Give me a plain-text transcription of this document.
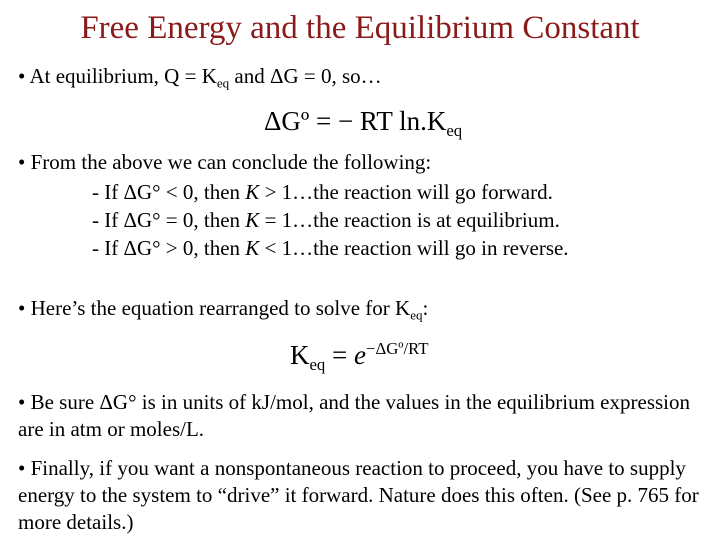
Free Energy and the Equilibrium Constant
• At equilibrium, $Q = K_{eq}$ and ΔG = 0, so…
ΔGº = − RT $\ln.K_{eq}$
• From the above we can conclude the following:
- If ΔG° < 0, then K > 1…the reaction will go forward.
- If ΔG° = 0, then K = 1…the reaction is at equilibrium.
- If ΔG° > 0, then K < 1…the reaction will go in reverse.
• Here’s the equation rearranged to solve for $K_{eq}$:
$K_{eq} = e^{-\Delta Gº/RT}$
• Be sure ΔG° is in units of kJ/mol, and the values in the equilibrium expression are in atm or moles/L.
• Finally, if you want a nonspontaneous reaction to proceed, you have to supply energy to the system to “drive” it forward. Nature does this often. (See p. 765 for more details.)
